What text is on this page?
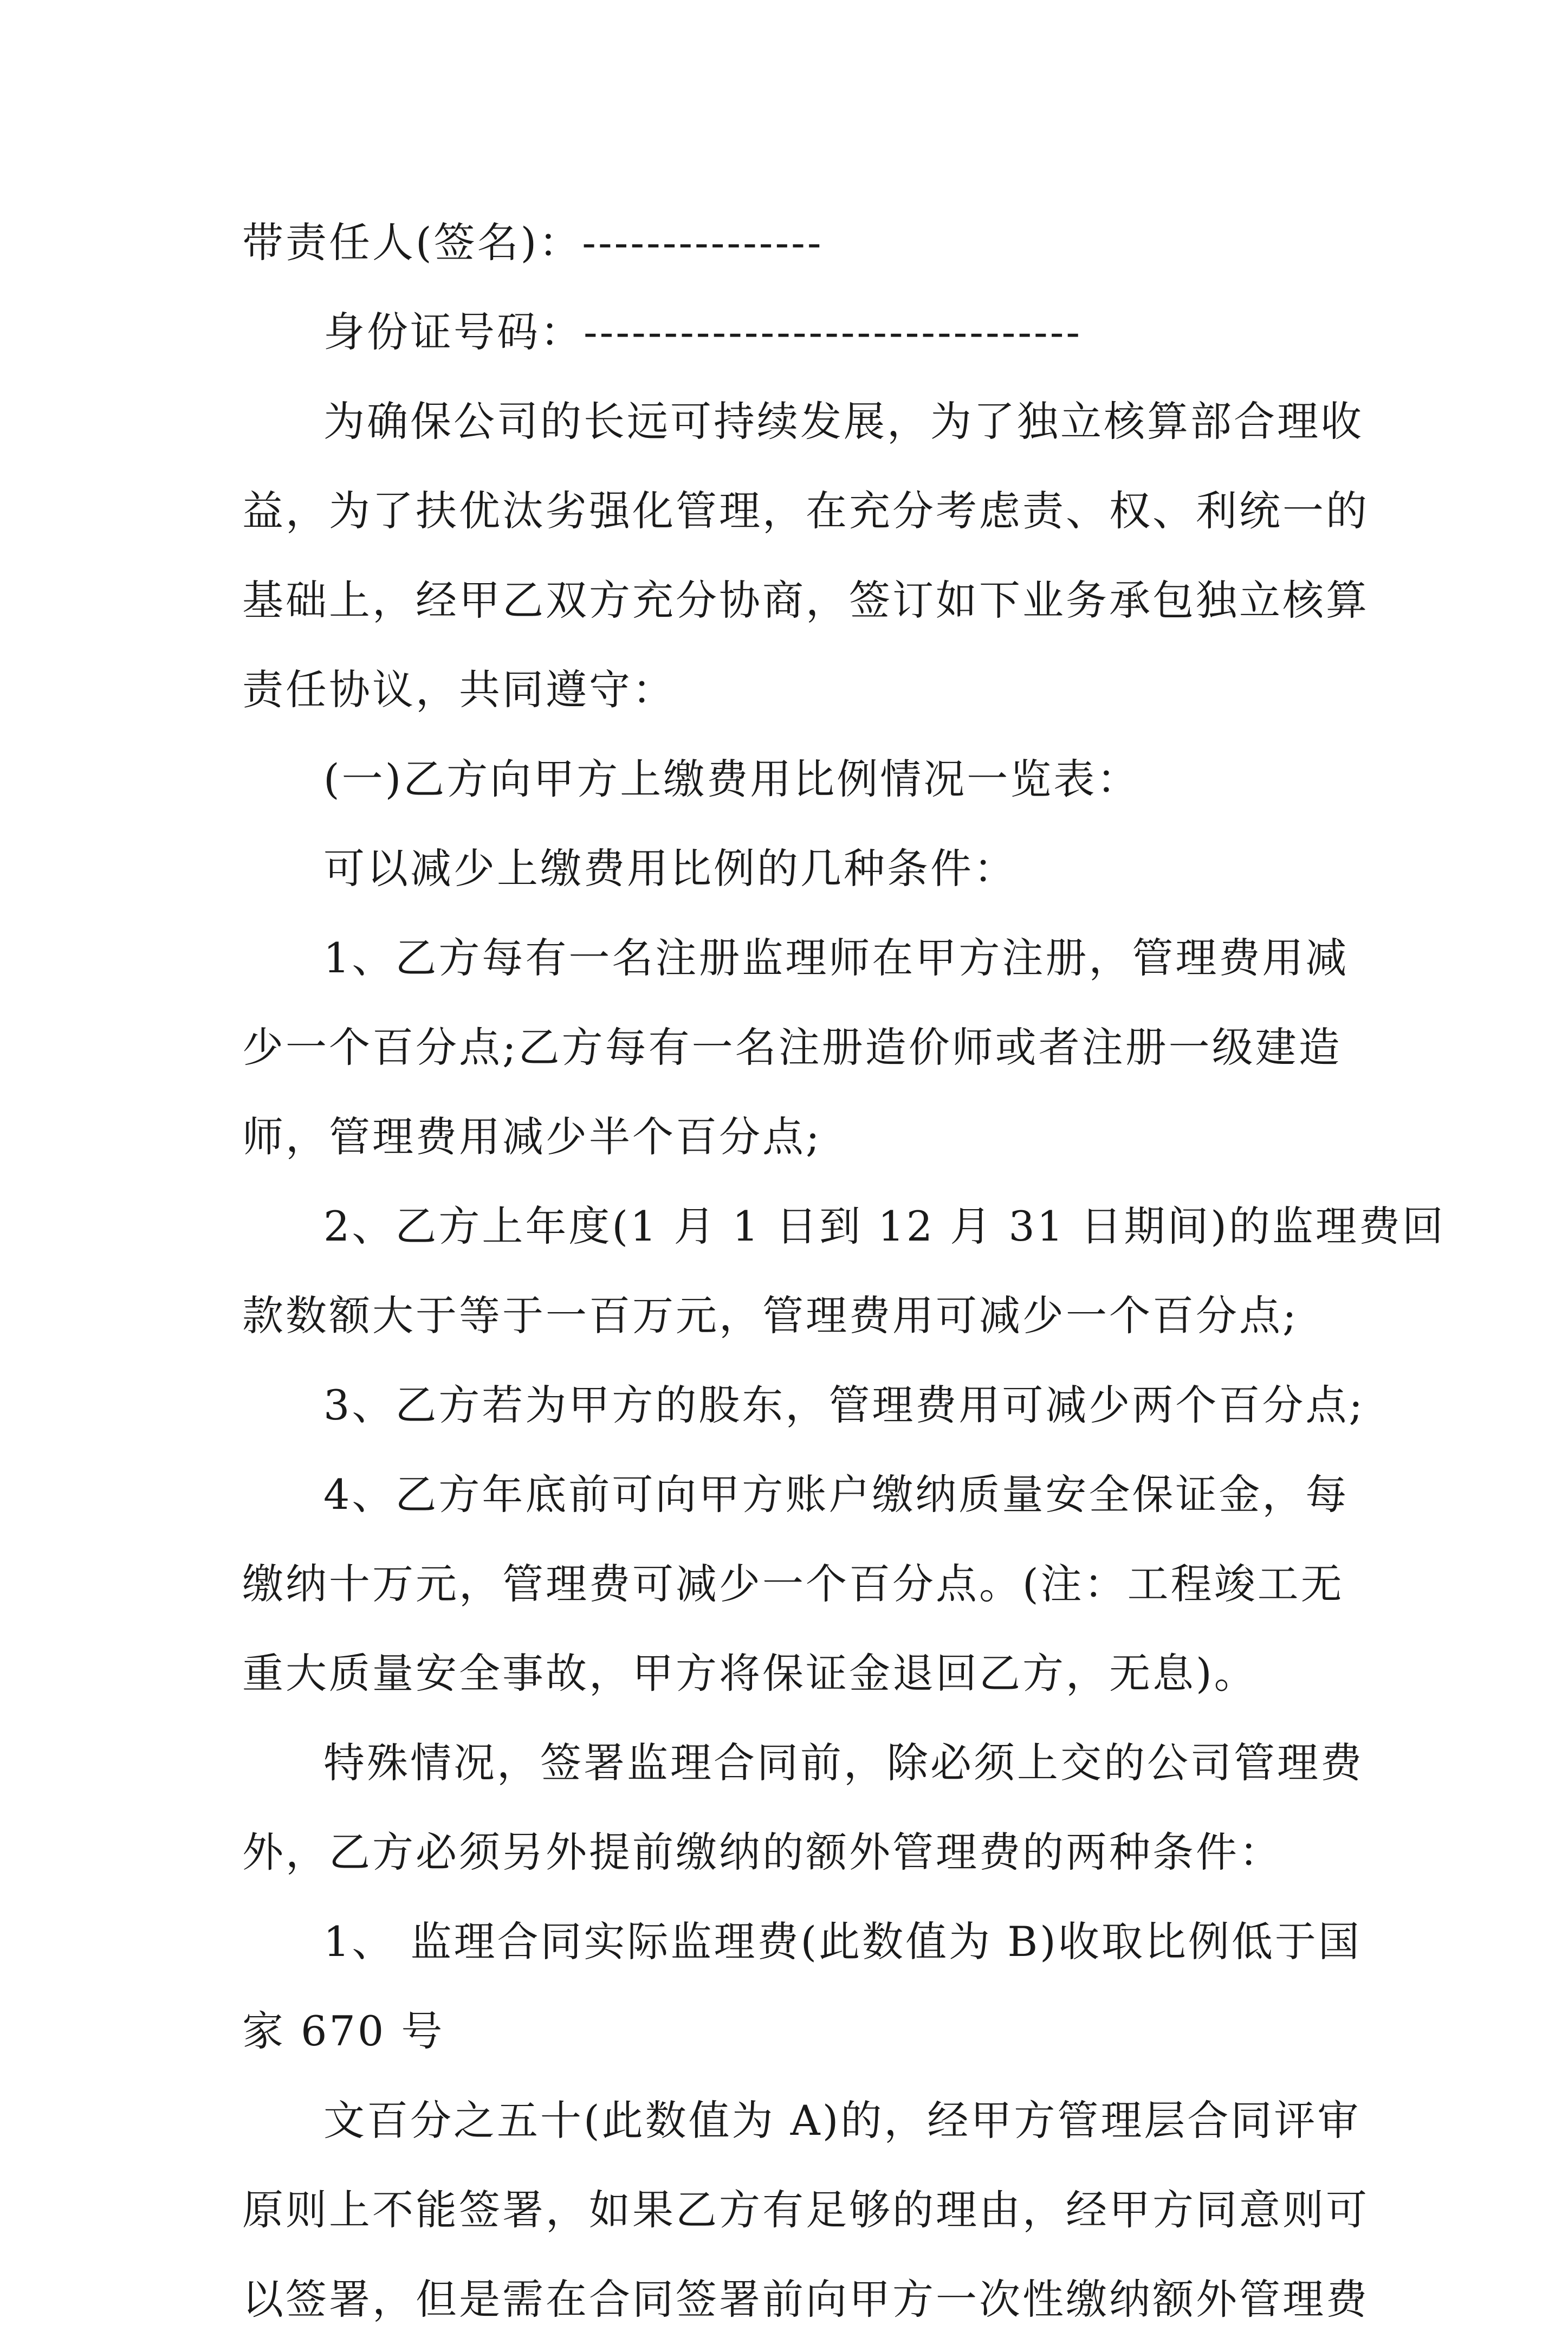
带责任人(签名)：---------------
身份证号码：-------------------------------
为确保公司的长远可持续发展，为了独立核算部合理收
益，为了扶优汰劣强化管理，在充分考虑责、权、利统一的
基础上，经甲乙双方充分协商，签订如下业务承包独立核算
责任协议，共同遵守：
(一)乙方向甲方上缴费用比例情况一览表：
可以减少上缴费用比例的几种条件：
1、乙方每有一名注册监理师在甲方注册，管理费用减
少一个百分点;乙方每有一名注册造价师或者注册一级建造
师，管理费用减少半个百分点;
2、乙方上年度(1 月 1 日到 12 月 31 日期间)的监理费回
款数额大于等于一百万元，管理费用可减少一个百分点;
3、乙方若为甲方的股东，管理费用可减少两个百分点;
4、乙方年底前可向甲方账户缴纳质量安全保证金，每
缴纳十万元，管理费可减少一个百分点。(注：工程竣工无
重大质量安全事故，甲方将保证金退回乙方，无息)。
特殊情况，签署监理合同前，除必须上交的公司管理费
外，乙方必须另外提前缴纳的额外管理费的两种条件：
1、 监理合同实际监理费(此数值为 B)收取比例低于国
家 670 号
文百分之五十(此数值为 A)的，经甲方管理层合同评审
原则上不能签署，如果乙方有足够的理由，经甲方同意则可
以签署，但是需在合同签署前向甲方一次性缴纳额外管理费
